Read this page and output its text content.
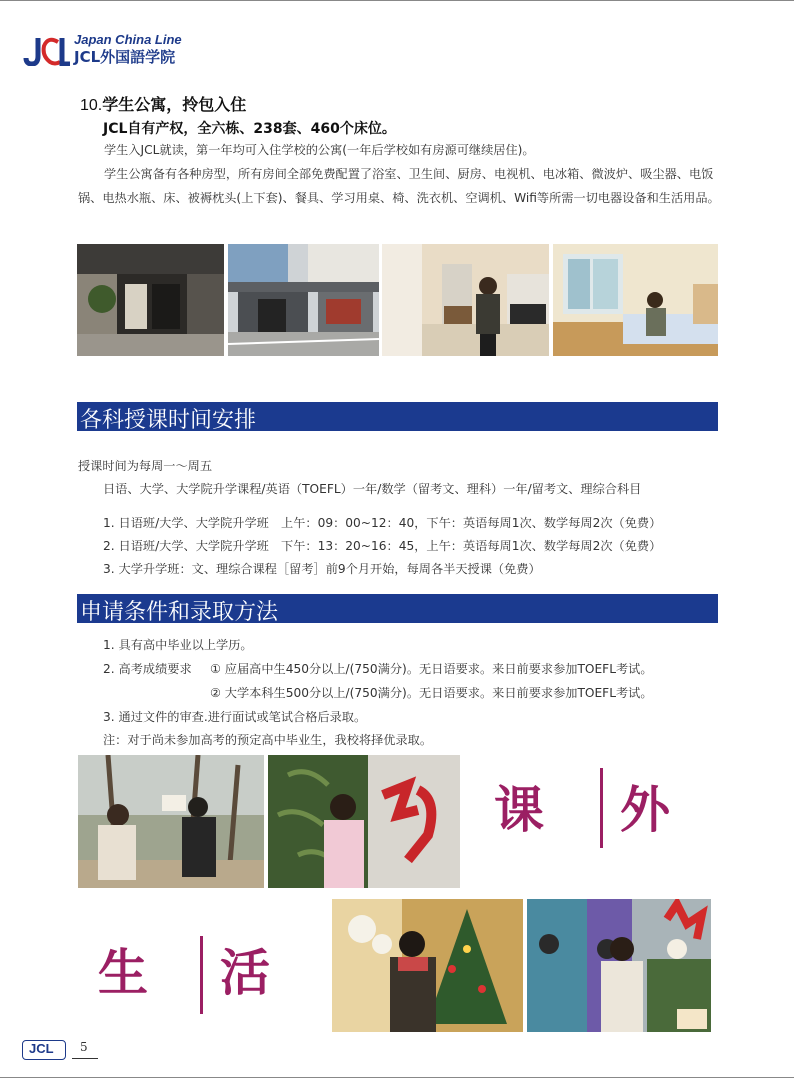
Japan China Line
JCL外国語学院
10.学生公寓，拎包入住
JCL自有产权，全六栋、238套、460个床位。
学生入JCL就读，第一年均可入住学校的公寓(一年后学校如有房源可继续居住)。
学生公寓备有各种房型，所有房间全部免费配置了浴室、卫生间、厨房、电视机、电冰箱、微波炉、吸尘器、电饭锅、电热水瓶、床、被褥枕头(上下套)、餐具、学习用桌、椅、洗衣机、空调机、Wifi等所需一切电器设备和生活用品。
各科授课时间安排
授课时间为每周一～周五
日语、大学、大学院升学课程/英语（TOEFL）一年/数学（留考文、理科）一年/留考文、理综合科目
1. 日语班/大学、大学院升学班　上午：09：00~12：40，下午：英语每周1次、数学每周2次（免费）
2. 日语班/大学、大学院升学班　下午：13：20~16：45，上午：英语每周1次、数学每周2次（免费）
3. 大学升学班：文、理综合课程［留考］前9个月开始，每周各半天授课（免费）
申请条件和录取方法
1. 具有高中毕业以上学历。
2. 高考成绩要求 ① 应届高中生450分以上/(750满分)。无日语要求。来日前要求参加TOEFL考试。
② 大学本科生500分以上/(750满分)。无日语要求。来日前要求参加TOEFL考试。
3. 通过文件的审查.进行面试或笔试合格后录取。
注：对于尚未参加高考的预定高中毕业生，我校将择优录取。
课 外
生 活
JCL 5
